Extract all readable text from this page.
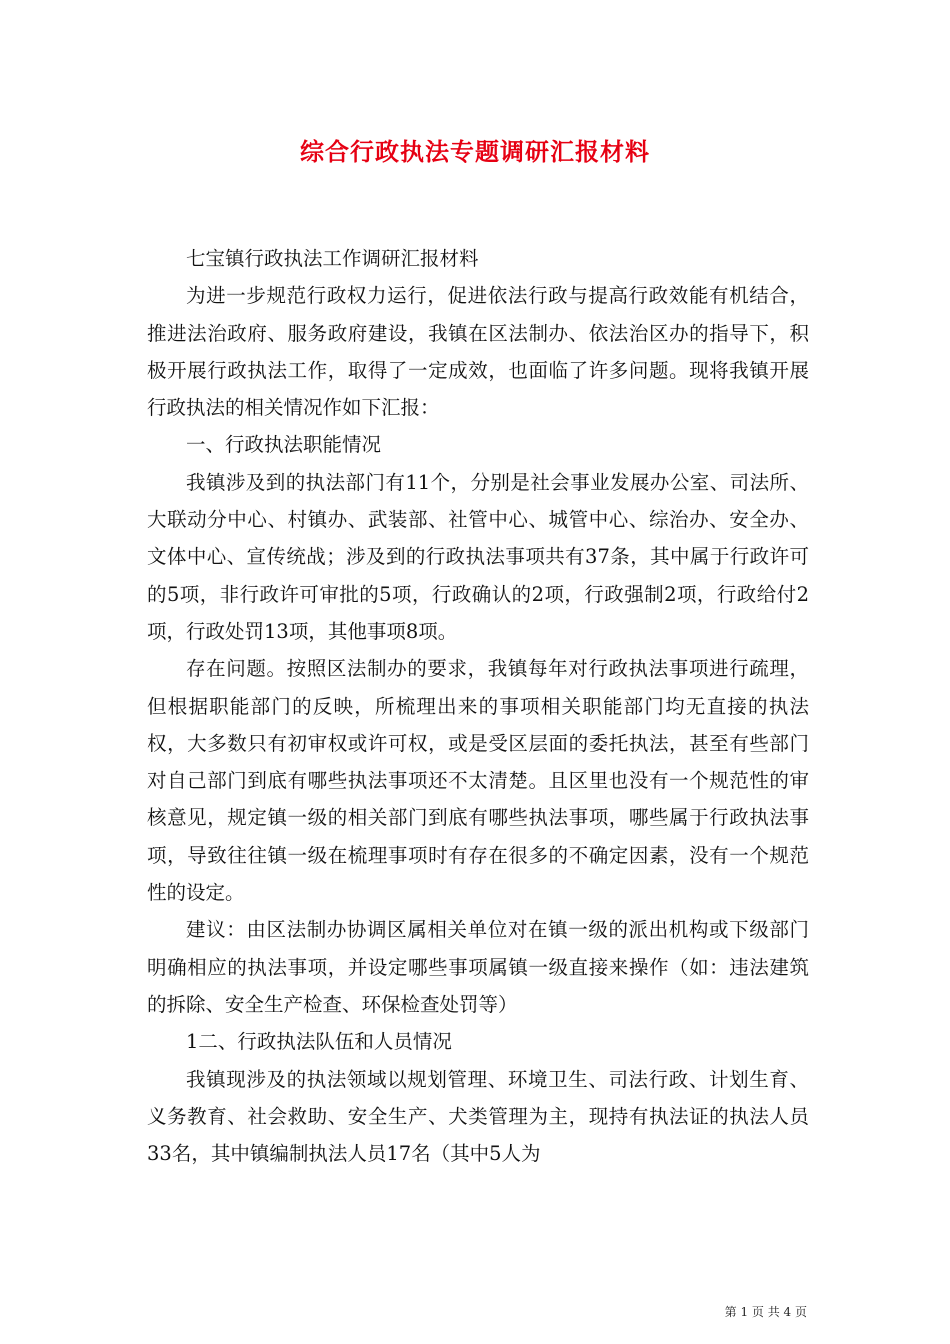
综合行政执法专题调研汇报材料
七宝镇行政执法工作调研汇报材料

为进一步规范行政权力运行，促进依法行政与提高行政效能有机结合，推进法治政府、服务政府建设，我镇在区法制办、依法治区办的指导下，积极开展行政执法工作，取得了一定成效，也面临了许多问题。现将我镇开展行政执法的相关情况作如下汇报：

一、行政执法职能情况

我镇涉及到的执法部门有11个，分别是社会事业发展办公室、司法所、大联动分中心、村镇办、武装部、社管中心、城管中心、综治办、安全办、文体中心、宣传统战；涉及到的行政执法事项共有37条，其中属于行政许可的5项，非行政许可审批的5项，行政确认的2项，行政强制2项，行政给付2项，行政处罚13项，其他事项8项。

存在问题。按照区法制办的要求，我镇每年对行政执法事项进行疏理，但根据职能部门的反映，所梳理出来的事项相关职能部门均无直接的执法权，大多数只有初审权或许可权，或是受区层面的委托执法，甚至有些部门对自己部门到底有哪些执法事项还不太清楚。且区里也没有一个规范性的审核意见，规定镇一级的相关部门到底有哪些执法事项，哪些属于行政执法事项，导致往往镇一级在梳理事项时有存在很多的不确定因素，没有一个规范性的设定。

建议：由区法制办协调区属相关单位对在镇一级的派出机构或下级部门明确相应的执法事项，并设定哪些事项属镇一级直接来操作（如：违法建筑的拆除、安全生产检查、环保检查处罚等）

1二、行政执法队伍和人员情况

我镇现涉及的执法领域以规划管理、环境卫生、司法行政、计划生育、义务教育、社会救助、安全生产、犬类管理为主，现持有执法证的执法人员33名，其中镇编制执法人员17名（其中5人为

第 1 页 共 4 页
